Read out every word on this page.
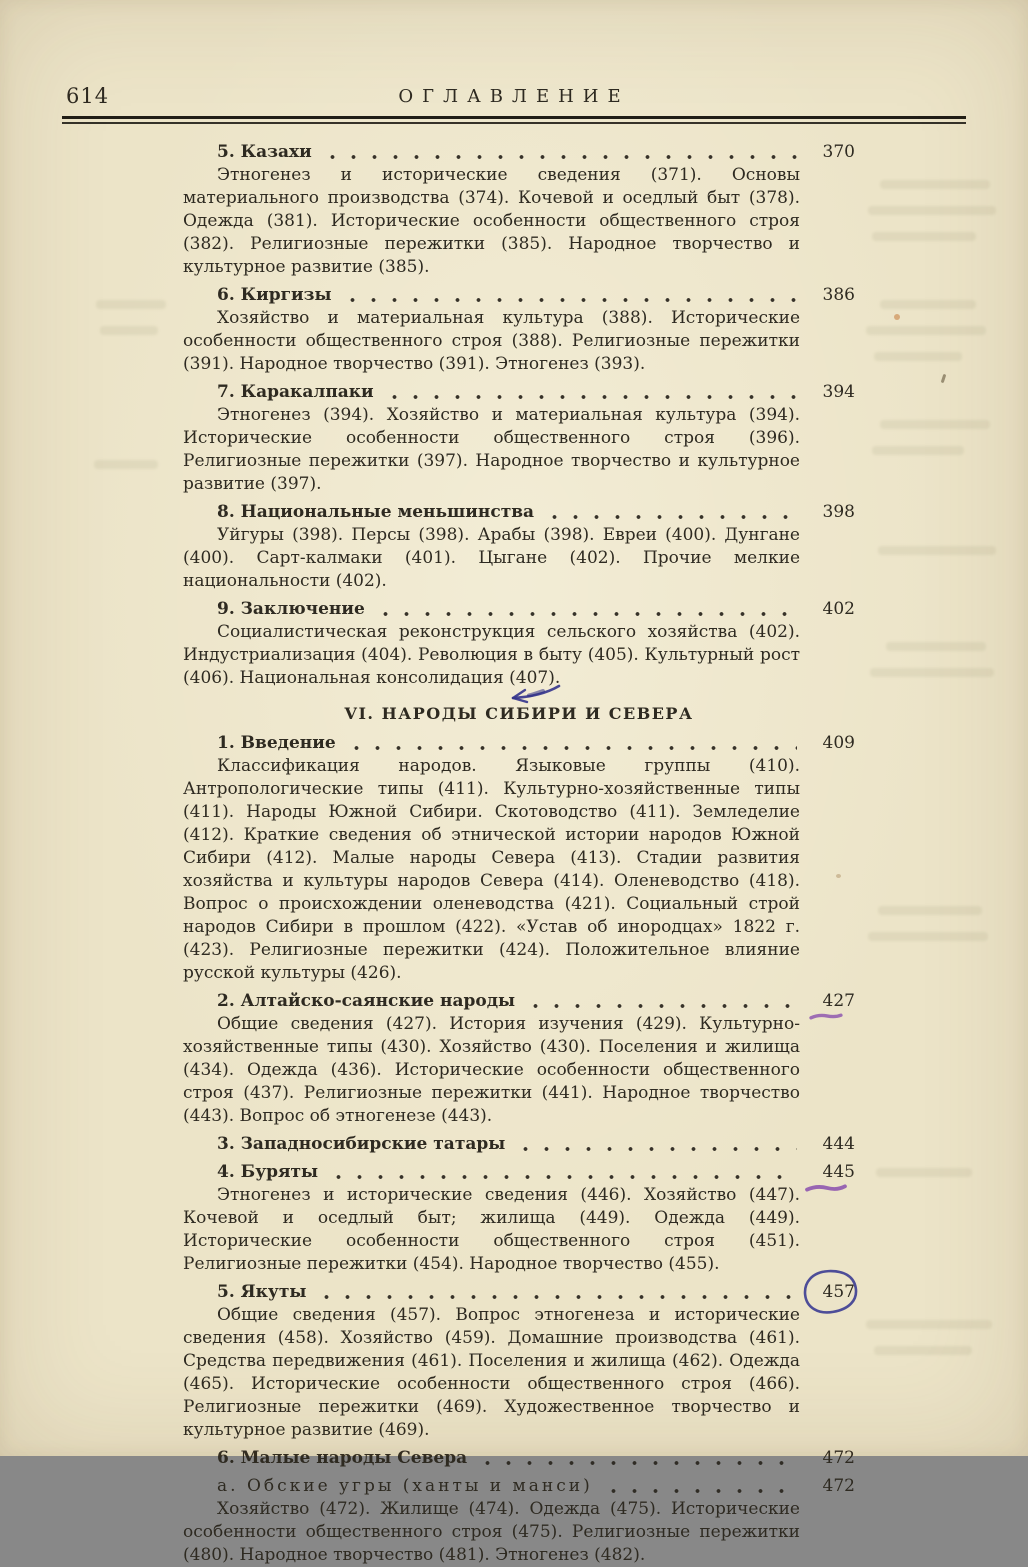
614	ОГЛАВЛЕНИЕ
5. Казахи	370

Этногенез и исторические сведения (371). Основы материального производства (374). Кочевой и оседлый быт (378). Одежда (381). Исторические особенности общественного строя (382). Религиозные пережитки (385). Народное творчество и культурное развитие (385).

6. Киргизы	386

Хозяйство и материальная культура (388). Исторические особенности общественного строя (388). Религиозные пережитки (391). Народное творчество (391). Этногенез (393).

7. Каракалпаки	394

Этногенез (394). Хозяйство и материальная культура (394). Исторические особенности общественного строя (396). Религиозные пережитки (397). Народное творчество и культурное развитие (397).

8. Национальные меньшинства	398

Уйгуры (398). Персы (398). Арабы (398). Евреи (400). Дунгане (400). Сарт-калмаки (401). Цыгане (402). Прочие мелкие национальности (402).

9. Заключение	402

Социалистическая реконструкция сельского хозяйства (402). Индустриализация (404). Революция в быту (405). Культурный рост (406). Национальная консолидация (407).

VI. НАРОДЫ СИБИРИ И СЕВЕРА
1. Введение	409

Классификация народов. Языковые группы (410). Антропологические типы (411). Культурно-хозяйственные типы (411). Народы Южной Сибири. Скотоводство (411). Земледелие (412). Краткие сведения об этнической истории народов Южной Сибири (412). Малые народы Севера (413). Стадии развития хозяйства и культуры народов Севера (414). Оленеводство (418). Вопрос о происхождении оленеводства (421). Социальный строй народов Сибири в прошлом (422). «Устав об инородцах» 1822 г. (423). Религиозные пережитки (424). Положительное влияние русской культуры (426).

2. Алтайско-саянские народы	427

Общие сведения (427). История изучения (429). Культурно-хозяйственные типы (430). Хозяйство (430). Поселения и жилища (434). Одежда (436). Исторические особенности общественного строя (437). Религиозные пережитки (441). Народное творчество (443). Вопрос об этногенезе (443).

3. Западносибирские татары	444
4. Буряты	445

Этногенез и исторические сведения (446). Хозяйство (447). Кочевой и оседлый быт; жилища (449). Одежда (449). Исторические особенности общественного строя (451). Религиозные пережитки (454). Народное творчество (455).

5. Якуты	457

Общие сведения (457). Вопрос этногенеза и исторические сведения (458). Хозяйство (459). Домашние производства (461). Средства передвижения (461). Поселения и жилища (462). Одежда (465). Исторические особенности общественного строя (466). Религиозные пережитки (469). Художественное творчество и культурное развитие (469).

6. Малые народы Севера	472
а. Обские угры (ханты и манси)	472

Хозяйство (472). Жилище (474). Одежда (475). Исторические особенности общественного строя (475). Религиозные пережитки (480). Народное творчество (481). Этногенез (482).
